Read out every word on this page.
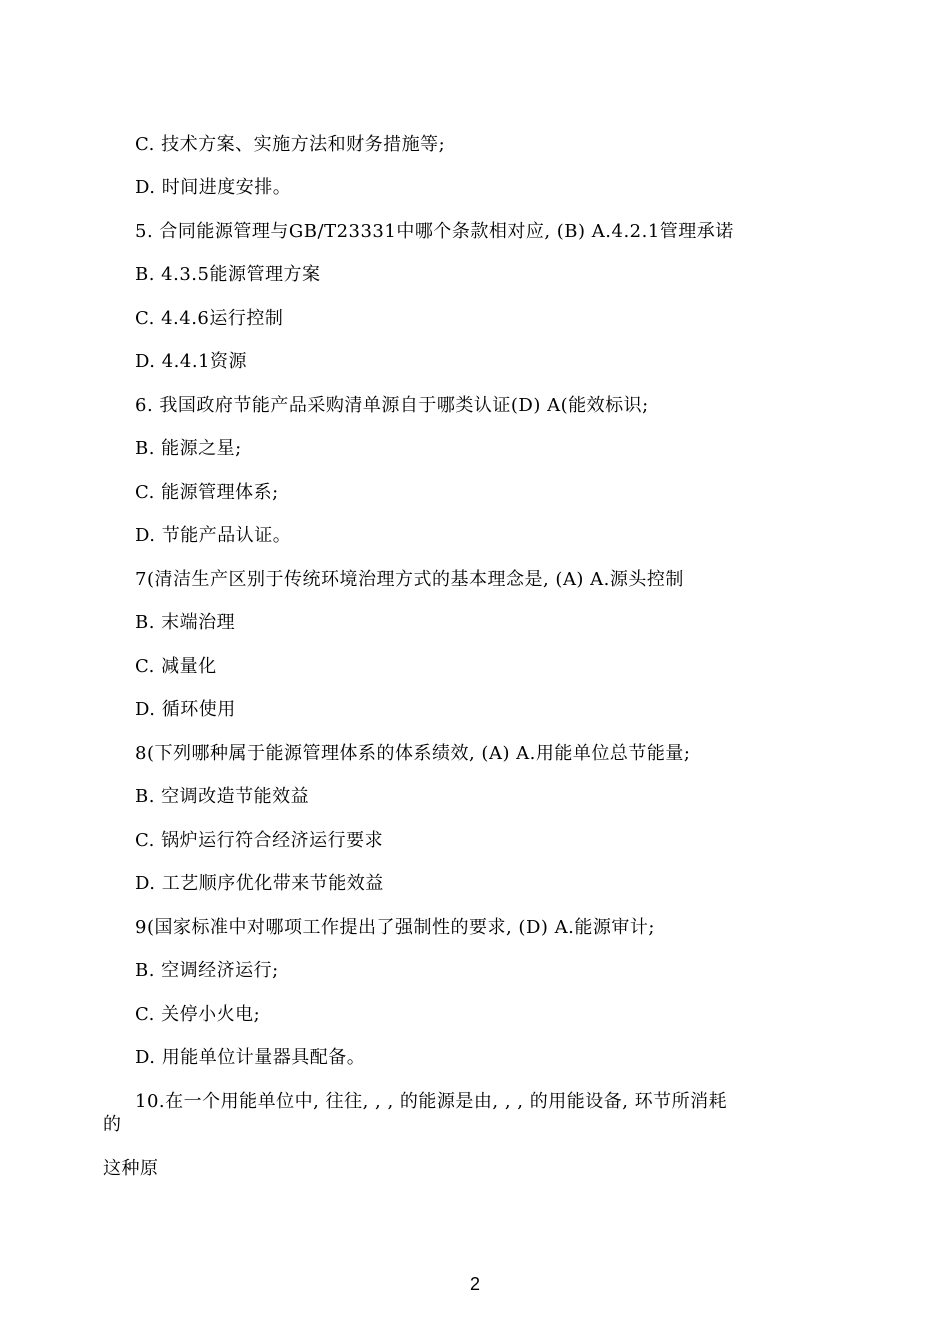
C. 技术方案、实施方法和财务措施等;
D. 时间进度安排。
5. 合同能源管理与GB/T23331中哪个条款相对应, (B) A.4.2.1管理承诺
B. 4.3.5能源管理方案
C. 4.4.6运行控制
D. 4.4.1资源
6. 我国政府节能产品采购清单源自于哪类认证(D) A(能效标识;
B. 能源之星;
C. 能源管理体系;
D. 节能产品认证。
7(清洁生产区别于传统环境治理方式的基本理念是, (A) A.源头控制
B. 末端治理
C. 减量化
D. 循环使用
8(下列哪种属于能源管理体系的体系绩效, (A) A.用能单位总节能量;
B. 空调改造节能效益
C. 锅炉运行符合经济运行要求
D. 工艺顺序优化带来节能效益
9(国家标准中对哪项工作提出了强制性的要求, (D) A.能源审计;
B. 空调经济运行;
C. 关停小火电;
D. 用能单位计量器具配备。
10.在一个用能单位中, 往往, , , 的能源是由, , , 的用能设备, 环节所消耗
的
这种原
2
